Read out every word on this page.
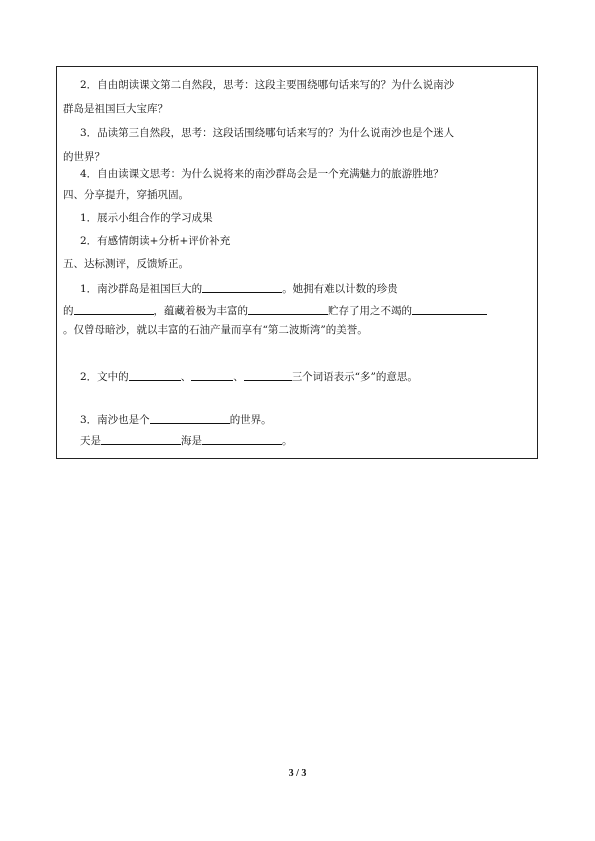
2．自由朗读课文第二自然段，思考：这段主要围绕哪句话来写的？为什么说南沙
群岛是祖国巨大宝库？
3．品读第三自然段，思考：这段话围绕哪句话来写的？为什么说南沙也是个迷人
的世界？
4．自由读课文思考：为什么说将来的南沙群岛会是一个充满魅力的旅游胜地？
四、分享提升，穿插巩固。
1．展示小组合作的学习成果
2．有感情朗读+分析+评价补充
五、达标测评，反馈矫正。
1．南沙群岛是祖国巨大的	。她拥有难以计数的珍贵
的	，蕴藏着极为丰富的	贮存了用之不竭的
。仅曾母暗沙，就以丰富的石油产量而享有“第二波斯湾”的美誉。
2．文中的	、	、	三个词语表示“多”的意思。
3．南沙也是个	的世界。
天是	海是	。
3 / 3
